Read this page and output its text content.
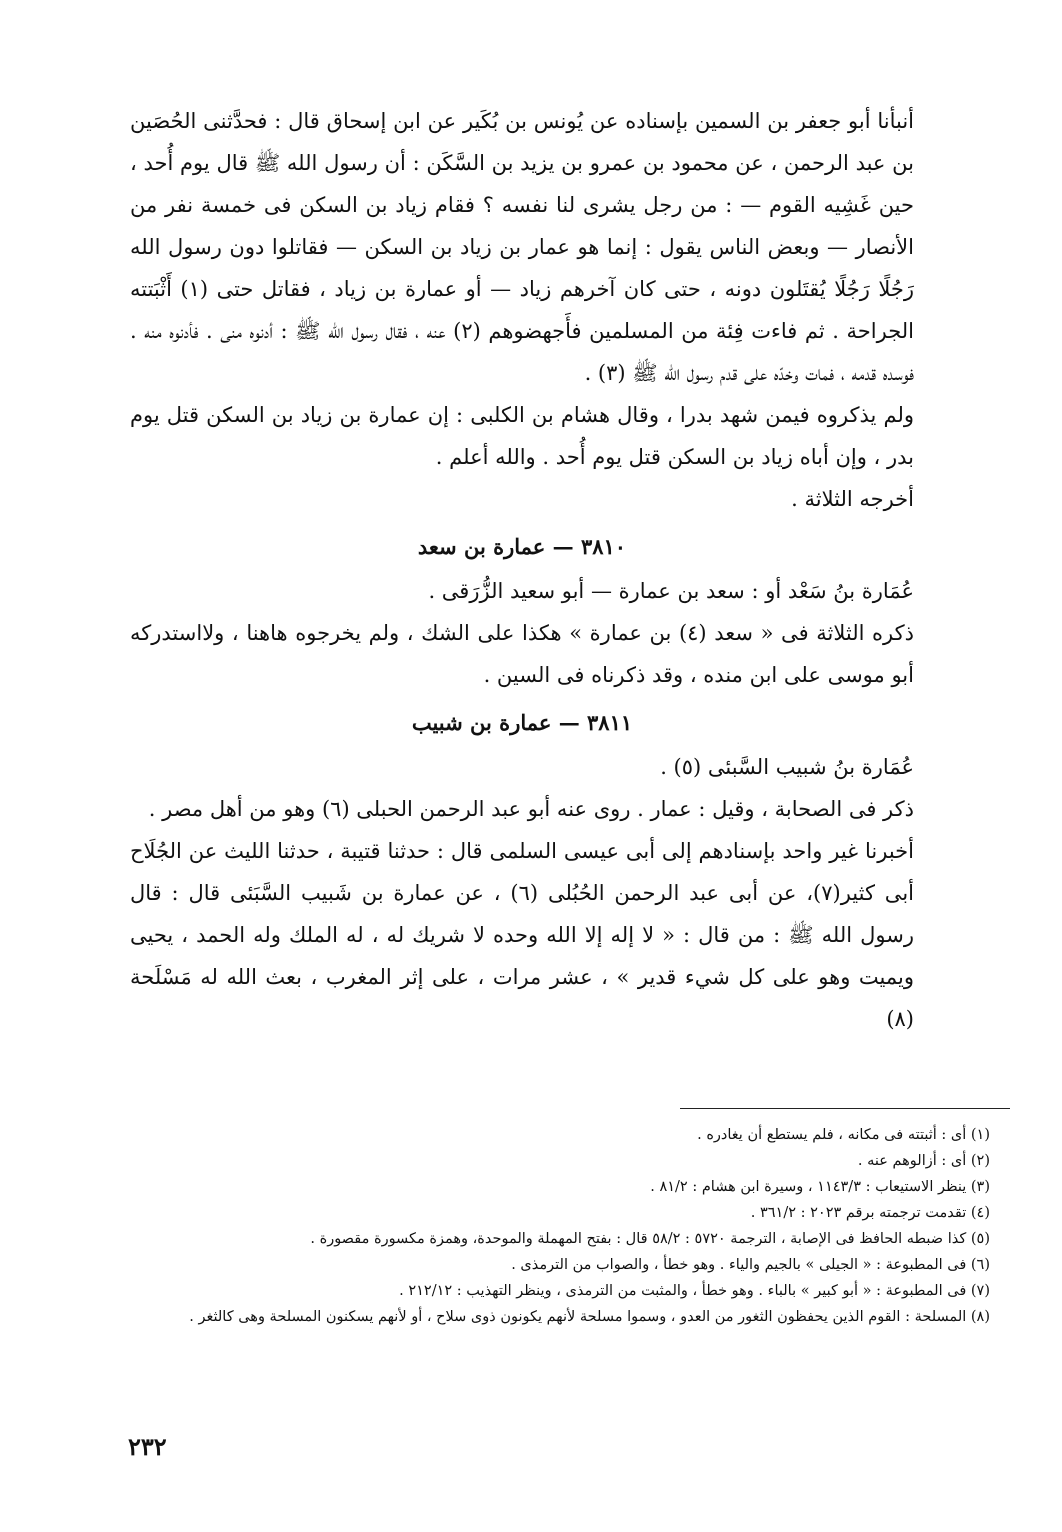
أنبأنا أبو جعفر بن السمين بإسناده عن يُونس بن بُكَير عن ابن إسحاق قال : فحدَّثنى الحُصَين بن عبد الرحمن ، عن محمود بن عمرو بن يزيد بن السَّكَن : أن رسول الله ﷺ قال يوم أُحد ، حين غَشِيه القوم — : من رجل يشرى لنا نفسه ؟ فقام زياد بن السكن فى خمسة نفر من الأنصار — وبعض الناس يقول : إنما هو عمار بن زياد بن السكن — فقاتلوا دون رسول الله رَجُلًا رَجُلًا يُقتَلون دونه ، حتى كان آخرهم زياد — أو عمارة بن زياد ، فقاتل حتى (١) أَثْبَتته الجراحة . ثم فاءت فِئة من المسلمين فأَجهضوهم (٢) عنه ، فقال رسول الله ﷺ : أدنوه منى . فأدنوه منه . فوسده قدمه ، فمات وخدّه على قدم رسول الله ﷺ (٣) .

ولم يذكروه فيمن شهد بدرا ، وقال هشام بن الكلبى : إن عمارة بن زياد بن السكن قتل يوم بدر ، وإن أباه زياد بن السكن قتل يوم أُحد . والله أعلم .

أخرجه الثلاثة .

٣٨١٠ — عمارة بن سعد

عُمَارة بنُ سَعْد أو : سعد بن عمارة — أبو سعيد الزُّرَقى .

ذكره الثلاثة فى « سعد (٤) بن عمارة » هكذا على الشك ، ولم يخرجوه هاهنا ، ولااستدركه أبو موسى على ابن منده ، وقد ذكرناه فى السين .

٣٨١١ — عمارة بن شبيب

عُمَارة بنُ شبيب السَّبئى (٥) .

ذكر فى الصحابة ، وقيل : عمار . روى عنه أبو عبد الرحمن الحبلى (٦) وهو من أهل مصر .

أخبرنا غير واحد بإسنادهم إلى أبى عيسى السلمى قال : حدثنا قتيبة ، حدثنا الليث عن الجُلَاح أبى كثير(٧)، عن أبى عبد الرحمن الحُبُلى (٦) ، عن عمارة بن شَبيب السَّبَئى قال : قال رسول الله ﷺ : من قال : « لا إله إلا الله وحده لا شريك له ، له الملك وله الحمد ، يحيى ويميت وهو على كل شيء قدير » ، عشر مرات ، على إثر المغرب ، بعث الله له مَسْلَحة (٨)

(١) أى : أثبتته فى مكانه ، فلم يستطع أن يغادره .

(٢) أى : أزالوهم عنه .

(٣) ينظر الاستيعاب : ١١٤٣/٣ ، وسيرة ابن هشام : ٨١/٢ .

(٤) تقدمت ترجمته برقم ٢٠٢٣ : ٣٦١/٢ .

(٥) كذا ضبطه الحافظ فى الإصابة ، الترجمة ٥٧٢٠ : ٥٨/٢ قال : بفتح المهملة والموحدة، وهمزة مكسورة مقصورة .

(٦) فى المطبوعة : « الجيلى » بالجيم والياء . وهو خطأ ، والصواب من الترمذى .

(٧) فى المطبوعة : « أبو كبير » بالباء . وهو خطأ ، والمثبت من الترمذى ، وينظر التهذيب : ٢١٢/١٢ .

(٨) المسلحة : القوم الذين يحفظون الثغور من العدو ، وسموا مسلحة لأنهم يكونون ذوى سلاح ، أو لأنهم يسكنون المسلحة وهى كالثغر .

٢٣٢
